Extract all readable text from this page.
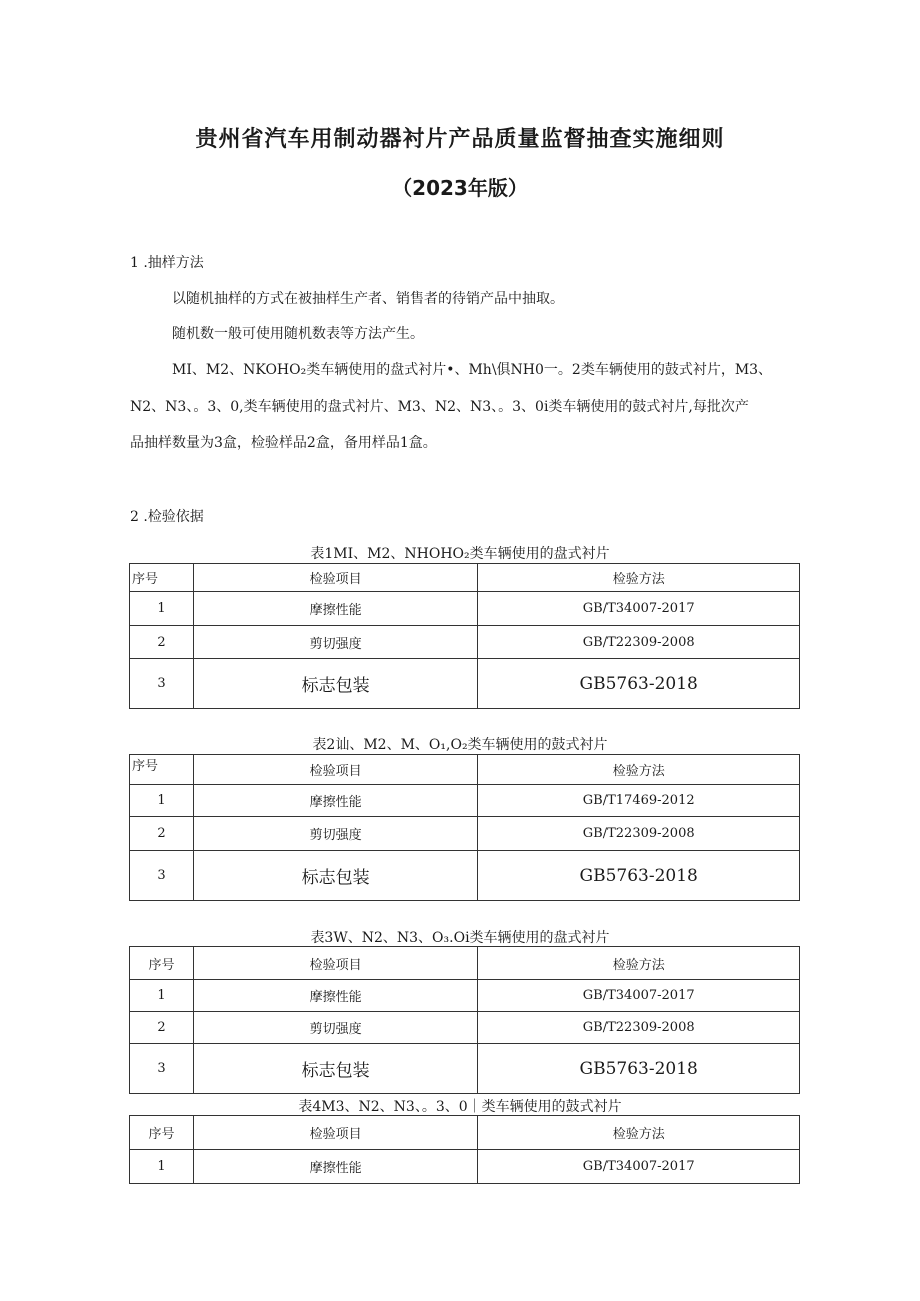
贵州省汽车用制动器衬片产品质量监督抽查实施细则
（2023年版）
1 .抽样方法
以随机抽样的方式在被抽样生产者、销售者的待销产品中抽取。
随机数一般可使用随机数表等方法产生。
MI、M2、NKOHO₂类车辆使用的盘式衬片•、Mh\俱NH0一。2类车辆使用的鼓式衬片，M3、
N2、N3、。3、0,类车辆使用的盘式衬片、M3、N2、N3、。3、0i类车辆使用的鼓式衬片,每批次产
品抽样数量为3盒，检验样品2盒，备用样品1盒。
2 .检验依据
表1MI、M2、NHOHO₂类车辆使用的盘式衬片
序号	检验项目	检验方法
1	摩擦性能	GB/T34007-2017
2	剪切强度	GB/T22309-2008
3	标志包装	GB5763-2018
表2讪、M2、M、O₁,O₂类车辆使用的鼓式衬片
序号	检验项目	检验方法
1	摩擦性能	GB/T17469-2012
2	剪切强度	GB/T22309-2008
3	标志包装	GB5763-2018
表3W、N2、N3、O₃.Oi类车辆使用的盘式衬片
序号	检验项目	检验方法
1	摩擦性能	GB/T34007-2017
2	剪切强度	GB/T22309-2008
3	标志包装	GB5763-2018
表4M3、N2、N3、。3、0｜类车辆使用的鼓式衬片
序号	检验项目	检验方法
1	摩擦性能	GB/T34007-2017
